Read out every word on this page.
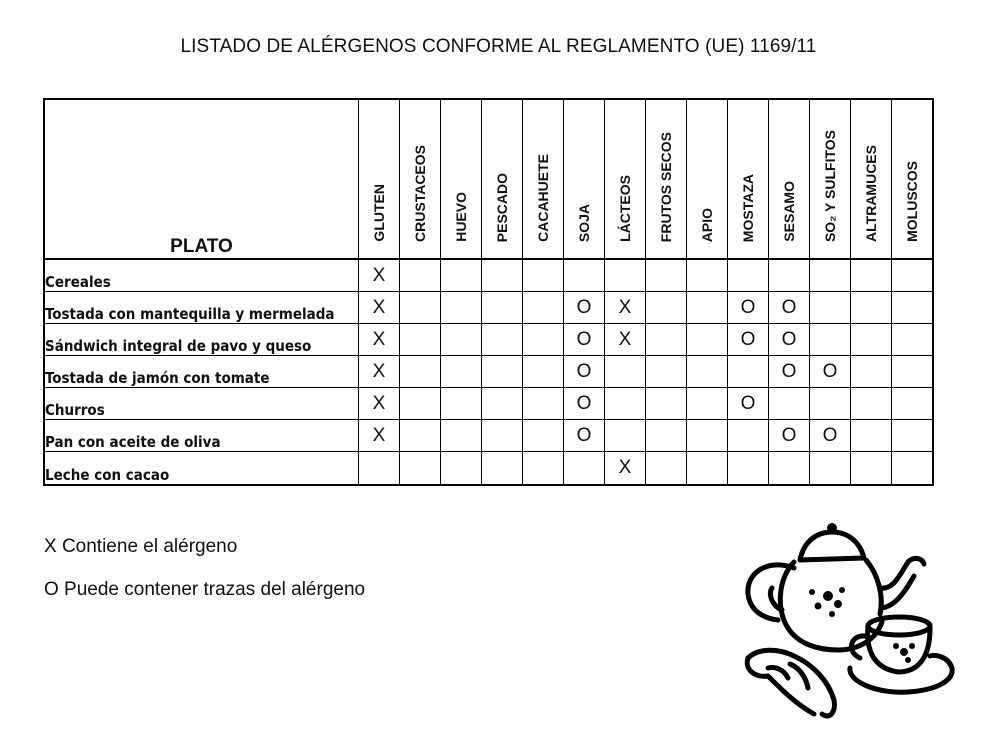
LISTADO DE ALÉRGENOS CONFORME AL REGLAMENTO (UE) 1169/11
PLATO	GLUTEN	CRUSTACEOS	HUEVO	PESCADO	CACAHUETE	SOJA	LÁCTEOS	FRUTOS SECOS	APIO	MOSTAZA	SESAMO	SO₂ Y SULFITOS	ALTRAMUCES	MOLUSCOS

Cereales	X													
Tostada con mantequilla y mermelada	X					O	X			O	O			
Sándwich integral de pavo y queso	X					O	X			O	O			
Tostada de jamón con tomate	X					O					O	O		
Churros	X					O				O				
Pan con aceite de oliva	X					O					O	O		
Leche con cacao							X							
X Contiene el alérgeno
O Puede contener trazas del alérgeno
